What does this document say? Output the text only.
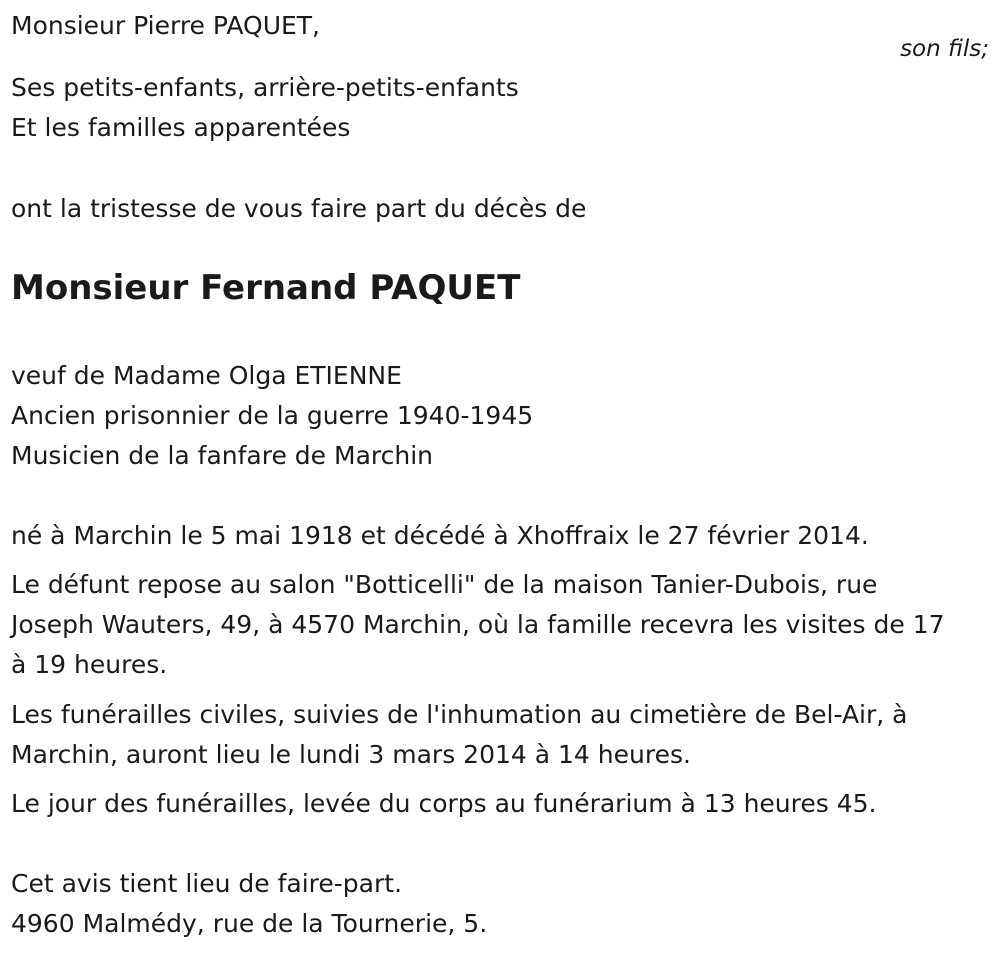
Monsieur Pierre PAQUET,

son fils;

Ses petits-enfants, arrière-petits-enfants

Et les familles apparentées

ont la tristesse de vous faire part du décès de

Monsieur Fernand PAQUET

veuf de Madame Olga ETIENNE

Ancien prisonnier de la guerre 1940-1945

Musicien de la fanfare de Marchin

né à Marchin le 5 mai 1918 et décédé à Xhoffraix le 27 février 2014.

Le défunt repose au salon "Botticelli" de la maison Tanier-Dubois, rue

Joseph Wauters, 49, à 4570 Marchin, où la famille recevra les visites de 17

à 19 heures.

Les funérailles civiles, suivies de l'inhumation au cimetière de Bel-Air, à

Marchin, auront lieu le lundi 3 mars 2014 à 14 heures.

Le jour des funérailles, levée du corps au funérarium à 13 heures 45.

Cet avis tient lieu de faire-part.

4960 Malmédy, rue de la Tournerie, 5.
